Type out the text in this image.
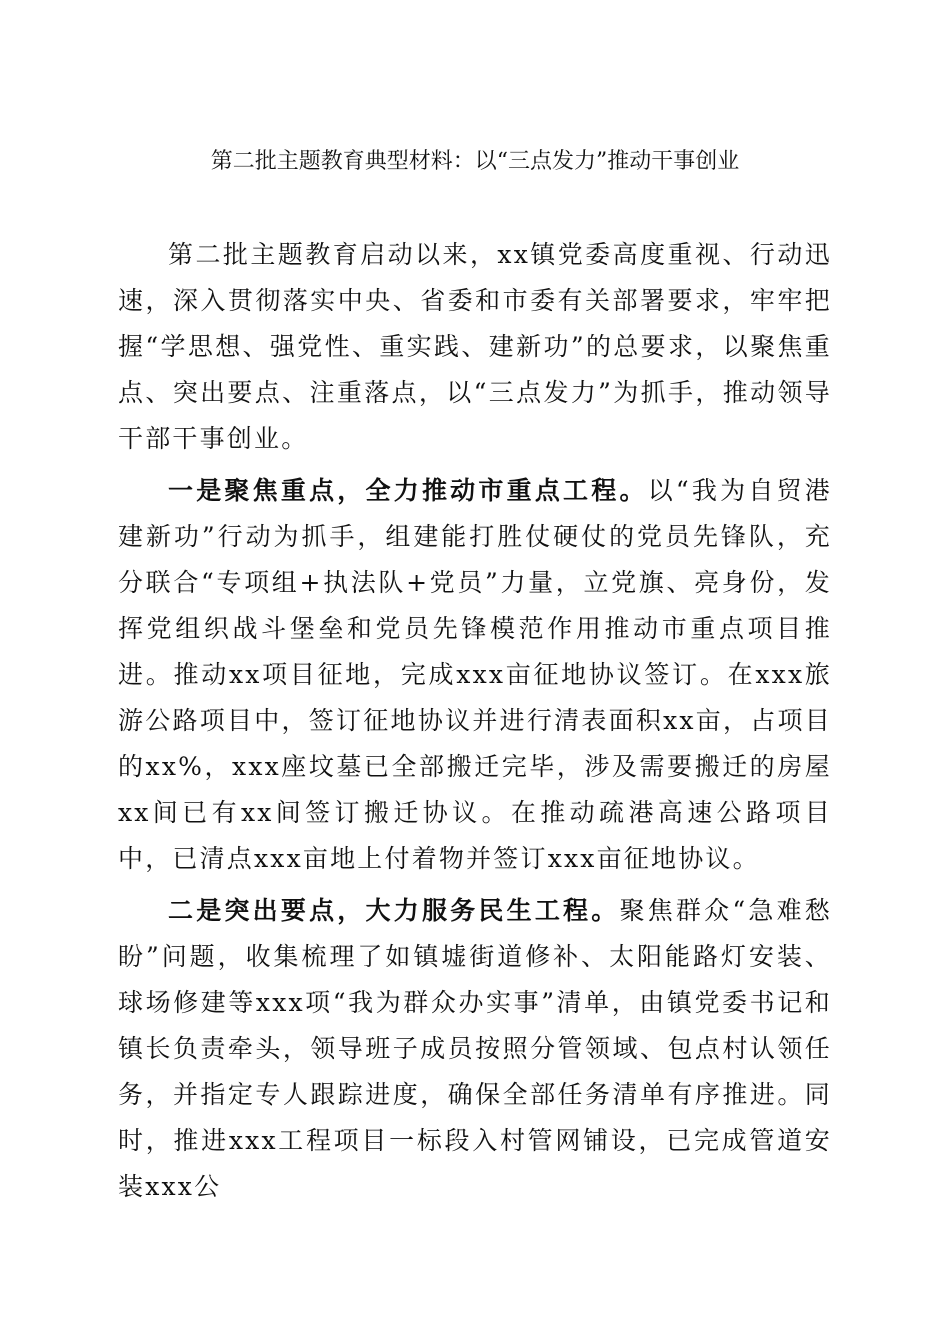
第二批主题教育典型材料：以“三点发力”推动干事创业

第二批主题教育启动以来，xx镇党委高度重视、行动迅速，深入贯彻落实中央、省委和市委有关部署要求，牢牢把握“学思想、强党性、重实践、建新功”的总要求，以聚焦重点、突出要点、注重落点，以“三点发力”为抓手，推动领导干部干事创业。

一是聚焦重点，全力推动市重点工程。以“我为自贸港建新功”行动为抓手，组建能打胜仗硬仗的党员先锋队，充分联合“专项组+执法队+党员”力量，立党旗、亮身份，发挥党组织战斗堡垒和党员先锋模范作用推动市重点项目推进。推动xx项目征地，完成xxx亩征地协议签订。在xxx旅游公路项目中，签订征地协议并进行清表面积xx亩，占项目的xx%，xxx座坟墓已全部搬迁完毕，涉及需要搬迁的房屋xx间已有xx间签订搬迁协议。在推动疏港高速公路项目中，已清点xxx亩地上付着物并签订xxx亩征地协议。

二是突出要点，大力服务民生工程。聚焦群众“急难愁盼”问题，收集梳理了如镇墟街道修补、太阳能路灯安装、球场修建等xxx项“我为群众办实事”清单，由镇党委书记和镇长负责牵头，领导班子成员按照分管领域、包点村认领任务，并指定专人跟踪进度，确保全部任务清单有序推进。同时，推进xxx工程项目一标段入村管网铺设，已完成管道安装xxx公
